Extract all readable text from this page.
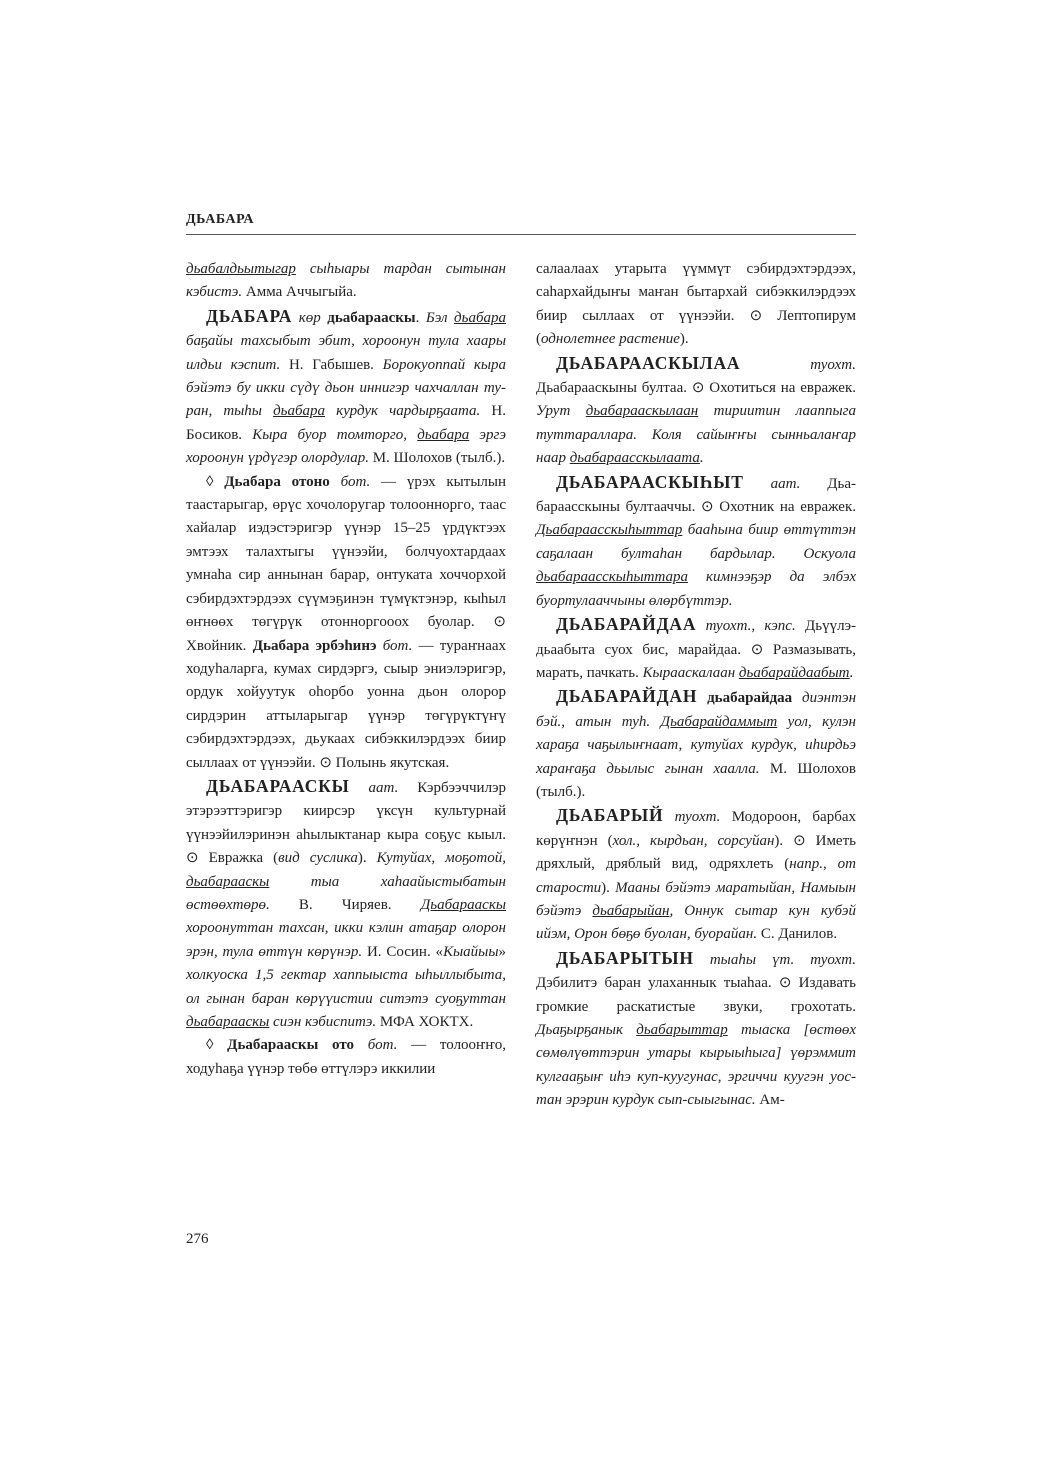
ДЬАБАРА

дьабалдьытыгар сыһыары тардан сытынан кэбистэ. Амма Аччыгыйа.

ДЬАБАРА көр дьабарааскы. Бэл дьабара баҕайы тахсыбыт эбит, хороонун тула хаары илдьи кэспит. Н. Габышев. Борокуоппай кыра бэйэтэ бу икки сүдү дьон иннигэр чахчаллан туран, тыһы дьабара курдук чардырҕаата. Н. Босиков. Кыра буор томторго, дьабара эргэ хороонун үрдүгэр олордулар. М. Шолохов (тылб.).

◊ Дьабара отоно бот. — үрэх кытылын таастарыгар, өрүс хочолоругар толоонноргo, таас хайалар иэдэстэригэр үүнэр 15–25 үрдүктээх эмтээх талахтыгы үүнээйи, болчуохтардаах умнаһа сир аннынан барар, онтуката хоччорхой сэбирдэхтэрдээх сүүмэҕинэн түмүктэнэр, кыһыл өҥнөөх төгүрүк отонноргoоох буолар. ⊙ Хвойник. Дьабара эрбэһинэ бот. — тураҥнаах ходуһаларга, кумах сирдэргэ, сыыр эниэлэригэр, ордук хойуутук оһорбо уонна дьон олорор сирдэрин аттыларыгар үүнэр төгүрүктүҥү сэбирдэхтэрдээх, дьукаах сибэккилэрдээх биир сыллаах от үүнээйи. ⊙ Полынь якутская.

ДЬАБАРААСКЫ аат. Кэрбээччилэр этэрээттэригэр киирсэр үксүн культурнай үүнээйилэринэн аһылыктанар кыра соҕус кыыл. ⊙ Евражка (вид суслика). Кутуйах, моҕотой, дьабарааскы тыа хаһаайыстыбатын өстөөхтөрө. В. Чиряев. Дьабарааскы хороонуттан тахсан, икки кэлин атаҕар олорон эрэн, тула өттүн көрүнэр. И. Сосин. «Кыайыы» холкуоска 1,5 гектар хаппыыста ыһыллыбыта, ол гынан баран көрүүистии ситэтэ суоҕуттан дьабарааскы сиэн кэбиспитэ. МФА ХОКТХ.

◊ Дьабарааскы ото бот. — толооҥҥо, ходуһаҕа үүнэр төбө өттүлэрэ иккилии

салаалаах утарыта үүммүт сэбирдэхтэрдээх, саһархайдыҥы маҥан бытархай сибэккилэрдээх биир сыллаах от үүнээйи. ⊙ Лептопирум (однолетнее растение).

ДЬАБАРААСКЫЛАА	туохт. Дьабарааскыны бултаа. ⊙ Охотиться на евражек. Урут дьабарааскылаан тириитин лааппыга туттараллара. Коля сайыҥҥы сынньалаҥар наар дьабараасскылаата.

ДЬАБАРААСКЫҺЫТ аат. Дьабараасскыны бултааччы. ⊙ Охотник на евражек. Дьабараасскыһыттар бааһына биир өттүттэн саҕалаан бултаһан бардылар. Оскуола дьабараасскыһыттара кимнээҕэр да элбэх буортулааччыны өлөрбүттэр.

ДЬАБАРАЙДАА туохт., кэпс. Дьүүлэ-дьаабыта суох бис, марайдаа. ⊙ Размазывать, марать, пачкать. Кырааскалаан дьабарайдаабыт.

ДЬАБАРАЙДАН дьабарайдаа диэнтэн бэй., атын туһ. Дьабарайдаммыт уол, кулэн хараҕа чаҕылыҥнаат, кутуйах курдук, иһирдьэ хараҥаҕа дьылыс гынан хаалла. М. Шолохов (тылб.).

ДЬАБАРЫЙ туохт. Модороон, барбах көрүҥнэн (хол., кырдьан, сорсуйан). ⊙ Иметь дряхлый, дряблый вид, одряхлеть (напр., от старости). Мааны бэйэтэ маратыйан, Намыын бэйэтэ дьабарыйан, Оннук сытар кун кубэй ийэм, Орон бөҕө буолан, буорайан. С. Данилов.

ДЬАБАРЫТЫН тыаһы үт. туохт. Дэбилитэ баран улаханнык тыаһаа. ⊙ Издавать громкие раскатистые звуки, грохотать. Дьаҕырҕанык дьабарыттар тыаска [өстөөх сөмөлүөттэрин утары кырыыһыга] үөрэммит кулгааҕыҥ иһэ куп-куугунас, эргиччи куугэн уостан эрэрин курдук сып-сыыгынас. Ам-

276
